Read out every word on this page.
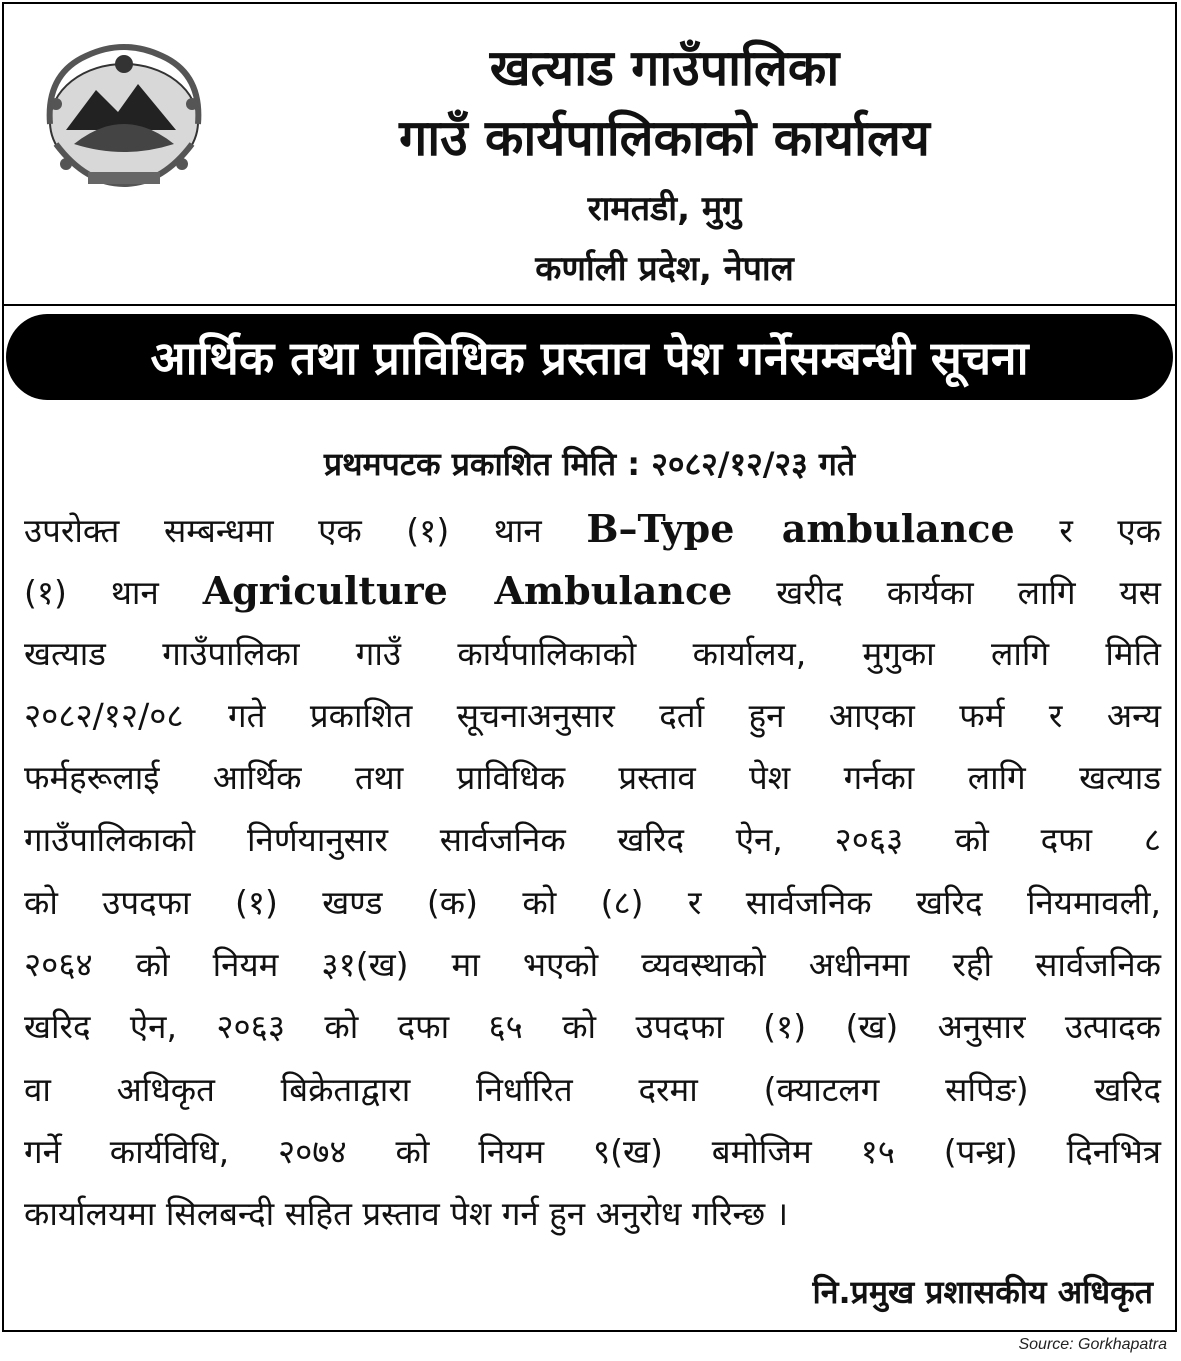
खत्याड गाउँपालिका
गाउँ कार्यपालिकाको कार्यालय
रामतडी, मुगु
कर्णाली प्रदेश, नेपाल
आर्थिक तथा प्राविधिक प्रस्ताव पेश गर्नेसम्बन्धी सूचना
प्रथमपटक प्रकाशित मिति : २०८२/१२/२३ गते
उपरोक्त सम्बन्धमा एक (१) थान B–Type ambulance र एक
(१) थान Agriculture Ambulance खरीद कार्यका लागि यस
खत्याड गाउँपालिका गाउँ कार्यपालिकाको कार्यालय, मुगुका लागि मिति
२०८२/१२/०८ गते प्रकाशित सूचनाअनुसार दर्ता हुन आएका फर्म र अन्य
फर्महरूलाई आर्थिक तथा प्राविधिक प्रस्ताव पेश गर्नका लागि खत्याड
गाउँपालिकाको निर्णयानुसार सार्वजनिक खरिद ऐन, २०६३ को दफा ८
को उपदफा (१) खण्ड (क) को (८) र सार्वजनिक खरिद नियमावली,
२०६४ को नियम ३१(ख) मा भएको व्यवस्थाको अधीनमा रही सार्वजनिक
खरिद ऐन, २०६३ को दफा ६५ को उपदफा (१) (ख) अनुसार उत्पादक
वा अधिकृत बिक्रेताद्वारा निर्धारित दरमा (क्याटलग सपिङ) खरिद
गर्ने कार्यविधि, २०७४ को नियम ९(ख) बमोजिम १५ (पन्ध्र) दिनभित्र
कार्यालयमा सिलबन्दी सहित प्रस्ताव पेश गर्न हुन अनुरोध गरिन्छ ।
नि.प्रमुख प्रशासकीय अधिकृत
Source: Gorkhapatra
